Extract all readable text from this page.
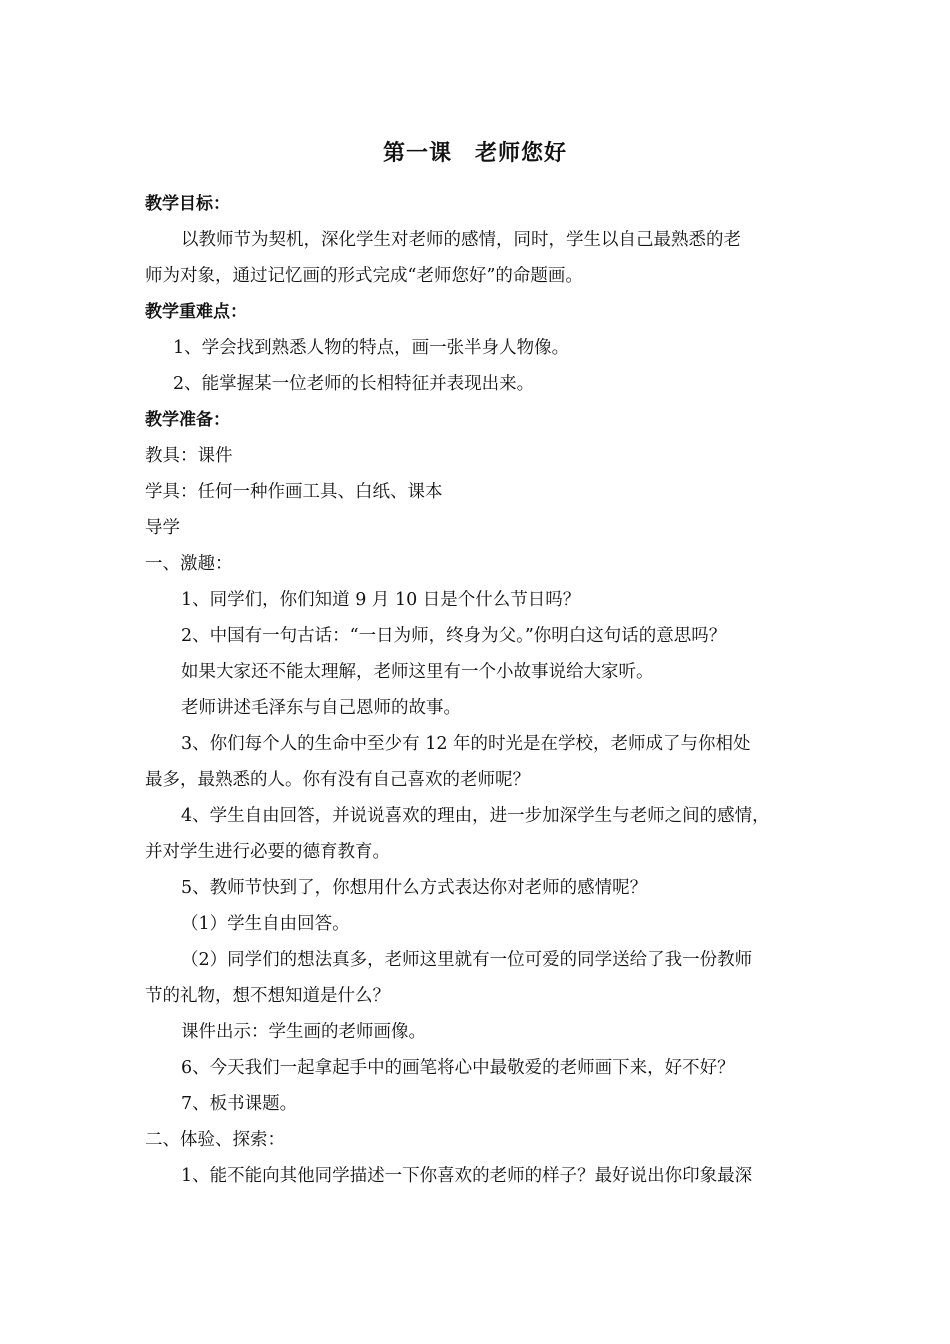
第一课　老师您好
教学目标：
以教师节为契机，深化学生对老师的感情，同时，学生以自己最熟悉的老
师为对象，通过记忆画的形式完成“老师您好”的命题画。
教学重难点：
1、学会找到熟悉人物的特点，画一张半身人物像。
2、能掌握某一位老师的长相特征并表现出来。
教学准备：
教具：课件
学具：任何一种作画工具、白纸、课本
导学
一、激趣：
1、同学们，你们知道 9 月 10 日是个什么节日吗？
2、中国有一句古话：“一日为师，终身为父。”你明白这句话的意思吗？
如果大家还不能太理解，老师这里有一个小故事说给大家听。
老师讲述毛泽东与自己恩师的故事。
3、你们每个人的生命中至少有 12 年的时光是在学校，老师成了与你相处
最多，最熟悉的人。你有没有自己喜欢的老师呢？
4、学生自由回答，并说说喜欢的理由，进一步加深学生与老师之间的感情，
并对学生进行必要的德育教育。
5、教师节快到了，你想用什么方式表达你对老师的感情呢？
（1）学生自由回答。
（2）同学们的想法真多，老师这里就有一位可爱的同学送给了我一份教师
节的礼物，想不想知道是什么？
课件出示：学生画的老师画像。
6、今天我们一起拿起手中的画笔将心中最敬爱的老师画下来，好不好？
7、板书课题。
二、体验、探索：
1、能不能向其他同学描述一下你喜欢的老师的样子？最好说出你印象最深
